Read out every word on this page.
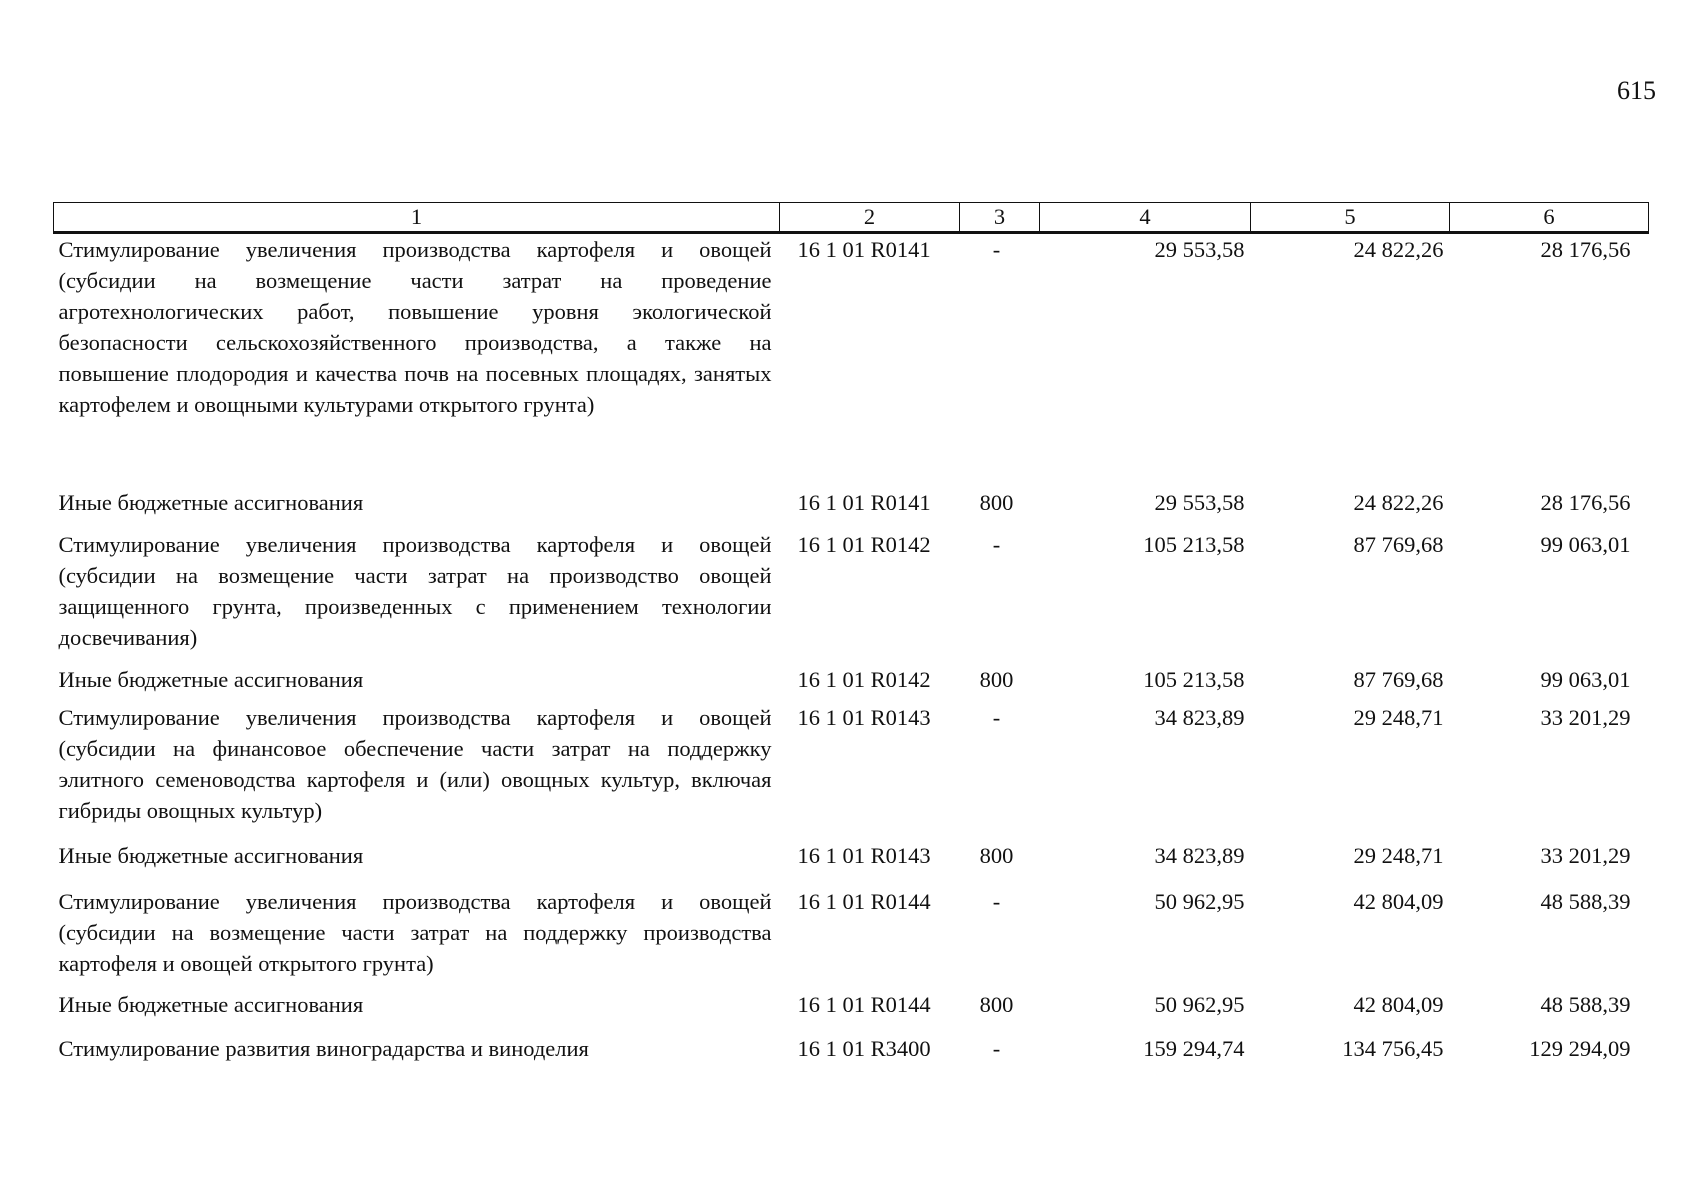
615
1	2	3	4	5	6
Стимулирование увеличения производства картофеля и овощей (субсидии на возмещение части затрат на проведение агротехнологических работ, повышение уровня экологической безопасности сельскохозяйственного производства, а также на повышение плодородия и качества почв на посевных площадях, занятых картофелем и овощными культурами открытого грунта)	16 1 01 R0141	-	29 553,58	24 822,26	28 176,56
Иные бюджетные ассигнования	16 1 01 R0141	800	29 553,58	24 822,26	28 176,56
Стимулирование увеличения производства картофеля и овощей (субсидии на возмещение части затрат на производство овощей защищенного грунта, произведенных с применением технологии досвечивания)	16 1 01 R0142	-	105 213,58	87 769,68	99 063,01
Иные бюджетные ассигнования	16 1 01 R0142	800	105 213,58	87 769,68	99 063,01
Стимулирование увеличения производства картофеля и овощей (субсидии на финансовое обеспечение части затрат на поддержку элитного семеноводства картофеля и (или) овощных культур, включая гибриды овощных культур)	16 1 01 R0143	-	34 823,89	29 248,71	33 201,29
Иные бюджетные ассигнования	16 1 01 R0143	800	34 823,89	29 248,71	33 201,29
Стимулирование увеличения производства картофеля и овощей (субсидии на возмещение части затрат на поддержку производства картофеля и овощей открытого грунта)	16 1 01 R0144	-	50 962,95	42 804,09	48 588,39
Иные бюджетные ассигнования	16 1 01 R0144	800	50 962,95	42 804,09	48 588,39
Стимулирование развития виноградарства и виноделия	16 1 01 R3400	-	159 294,74	134 756,45	129 294,09
